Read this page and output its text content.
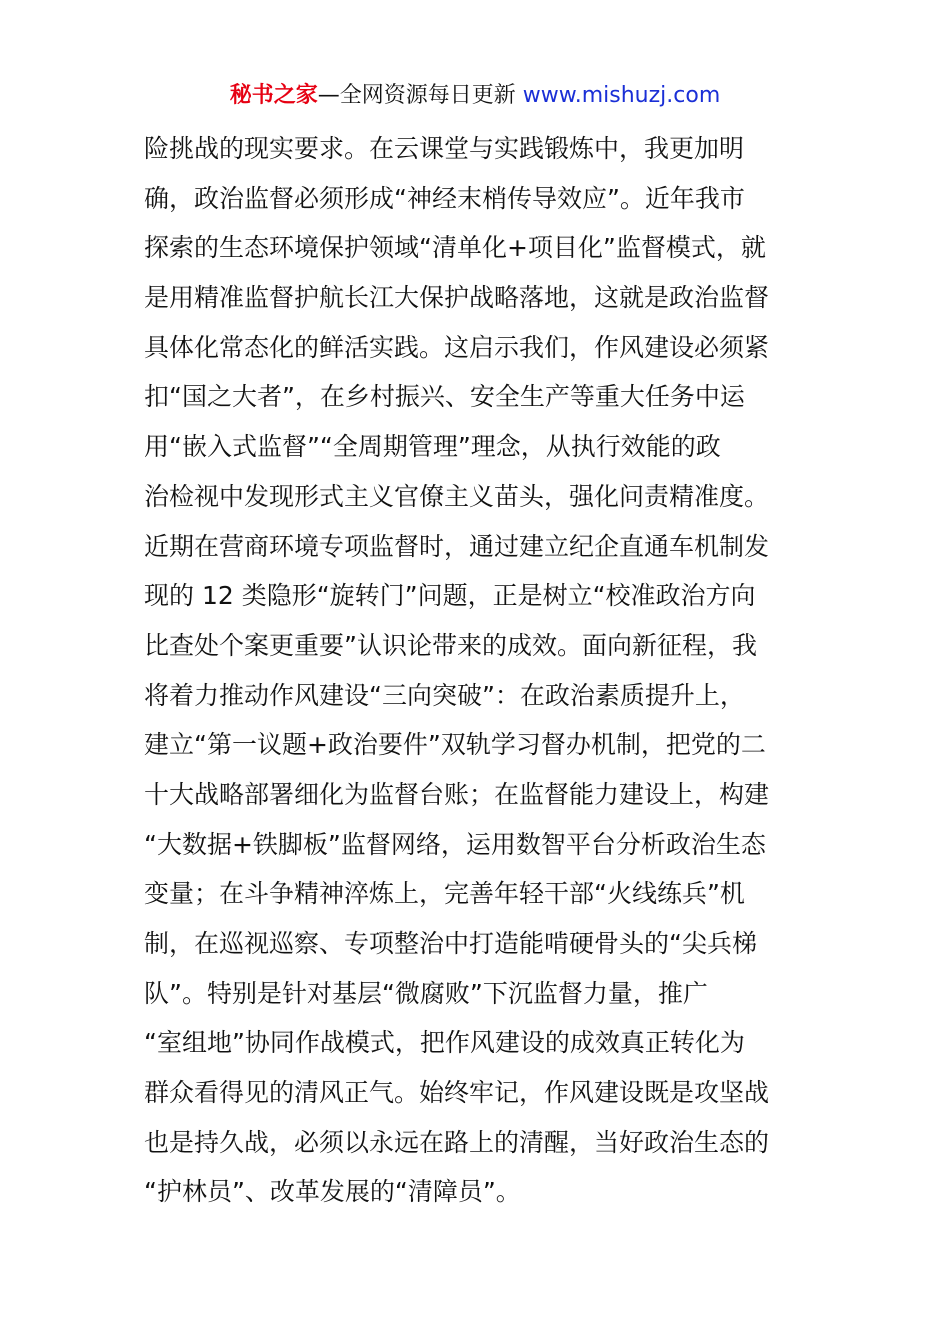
秘书之家—全网资源每日更新 www.mishuzj.com
险挑战的现实要求。在云课堂与实践锻炼中，我更加明
确，政治监督必须形成“神经末梢传导效应”。近年我市
探索的生态环境保护领域“清单化+项目化”监督模式，就
是用精准监督护航长江大保护战略落地，这就是政治监督
具体化常态化的鲜活实践。这启示我们，作风建设必须紧
扣“国之大者”，在乡村振兴、安全生产等重大任务中运
用“嵌入式监督”“全周期管理”理念，从执行效能的政
治检视中发现形式主义官僚主义苗头，强化问责精准度。
近期在营商环境专项监督时，通过建立纪企直通车机制发
现的 12 类隐形“旋转门”问题，正是树立“校准政治方向
比查处个案更重要”认识论带来的成效。面向新征程，我
将着力推动作风建设“三向突破”：在政治素质提升上，
建立“第一议题+政治要件”双轨学习督办机制，把党的二
十大战略部署细化为监督台账；在监督能力建设上，构建
“大数据+铁脚板”监督网络，运用数智平台分析政治生态
变量；在斗争精神淬炼上，完善年轻干部“火线练兵”机
制，在巡视巡察、专项整治中打造能啃硬骨头的“尖兵梯
队”。特别是针对基层“微腐败”下沉监督力量，推广
“室组地”协同作战模式，把作风建设的成效真正转化为
群众看得见的清风正气。始终牢记，作风建设既是攻坚战
也是持久战，必须以永远在路上的清醒，当好政治生态的
“护林员”、改革发展的“清障员”。
